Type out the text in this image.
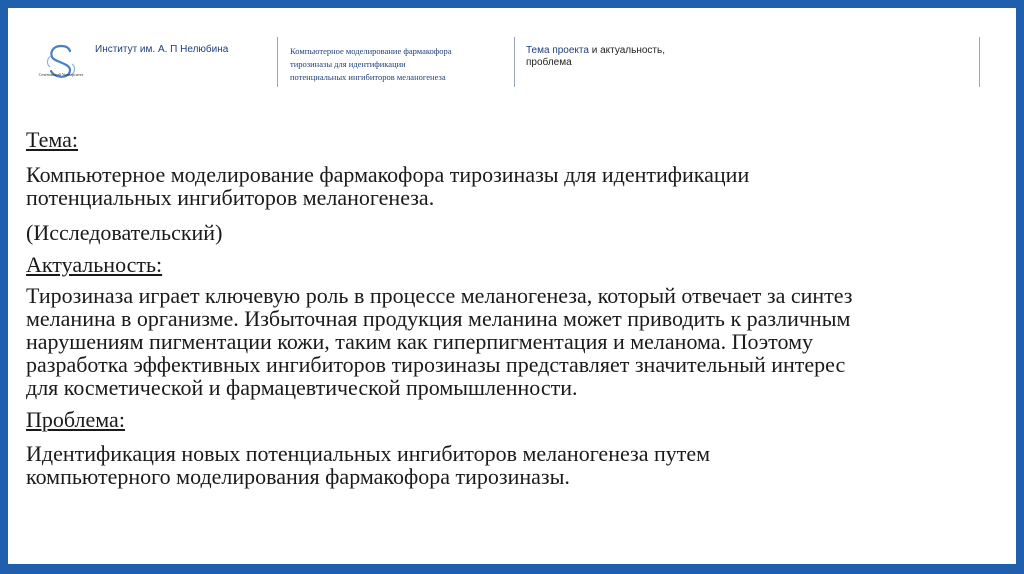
Сеченовский Университет
Институт им. А. П Нелюбина	Компьютерное моделирование фармакофора
тирозиназы для идентификации
потенциальных ингибиторов меланогенеза
Тема проекта и актуальность,
проблема
Тема:
Компьютерное моделирование фармакофора тирозиназы для идентификации
потенциальных ингибиторов меланогенеза.
(Исследовательский)
Актуальность:
Тирозиназа играет ключевую роль в процессе меланогенеза, который отвечает за синтез
меланина в организме. Избыточная продукция меланина может приводить к различным
нарушениям пигментации кожи, таким как гиперпигментация и меланома. Поэтому
разработка эффективных ингибиторов тирозиназы представляет значительный интерес
для косметической и фармацевтической промышленности.
Проблема:
Идентификация новых потенциальных ингибиторов меланогенеза путем
компьютерного моделирования фармакофора тирозиназы.
